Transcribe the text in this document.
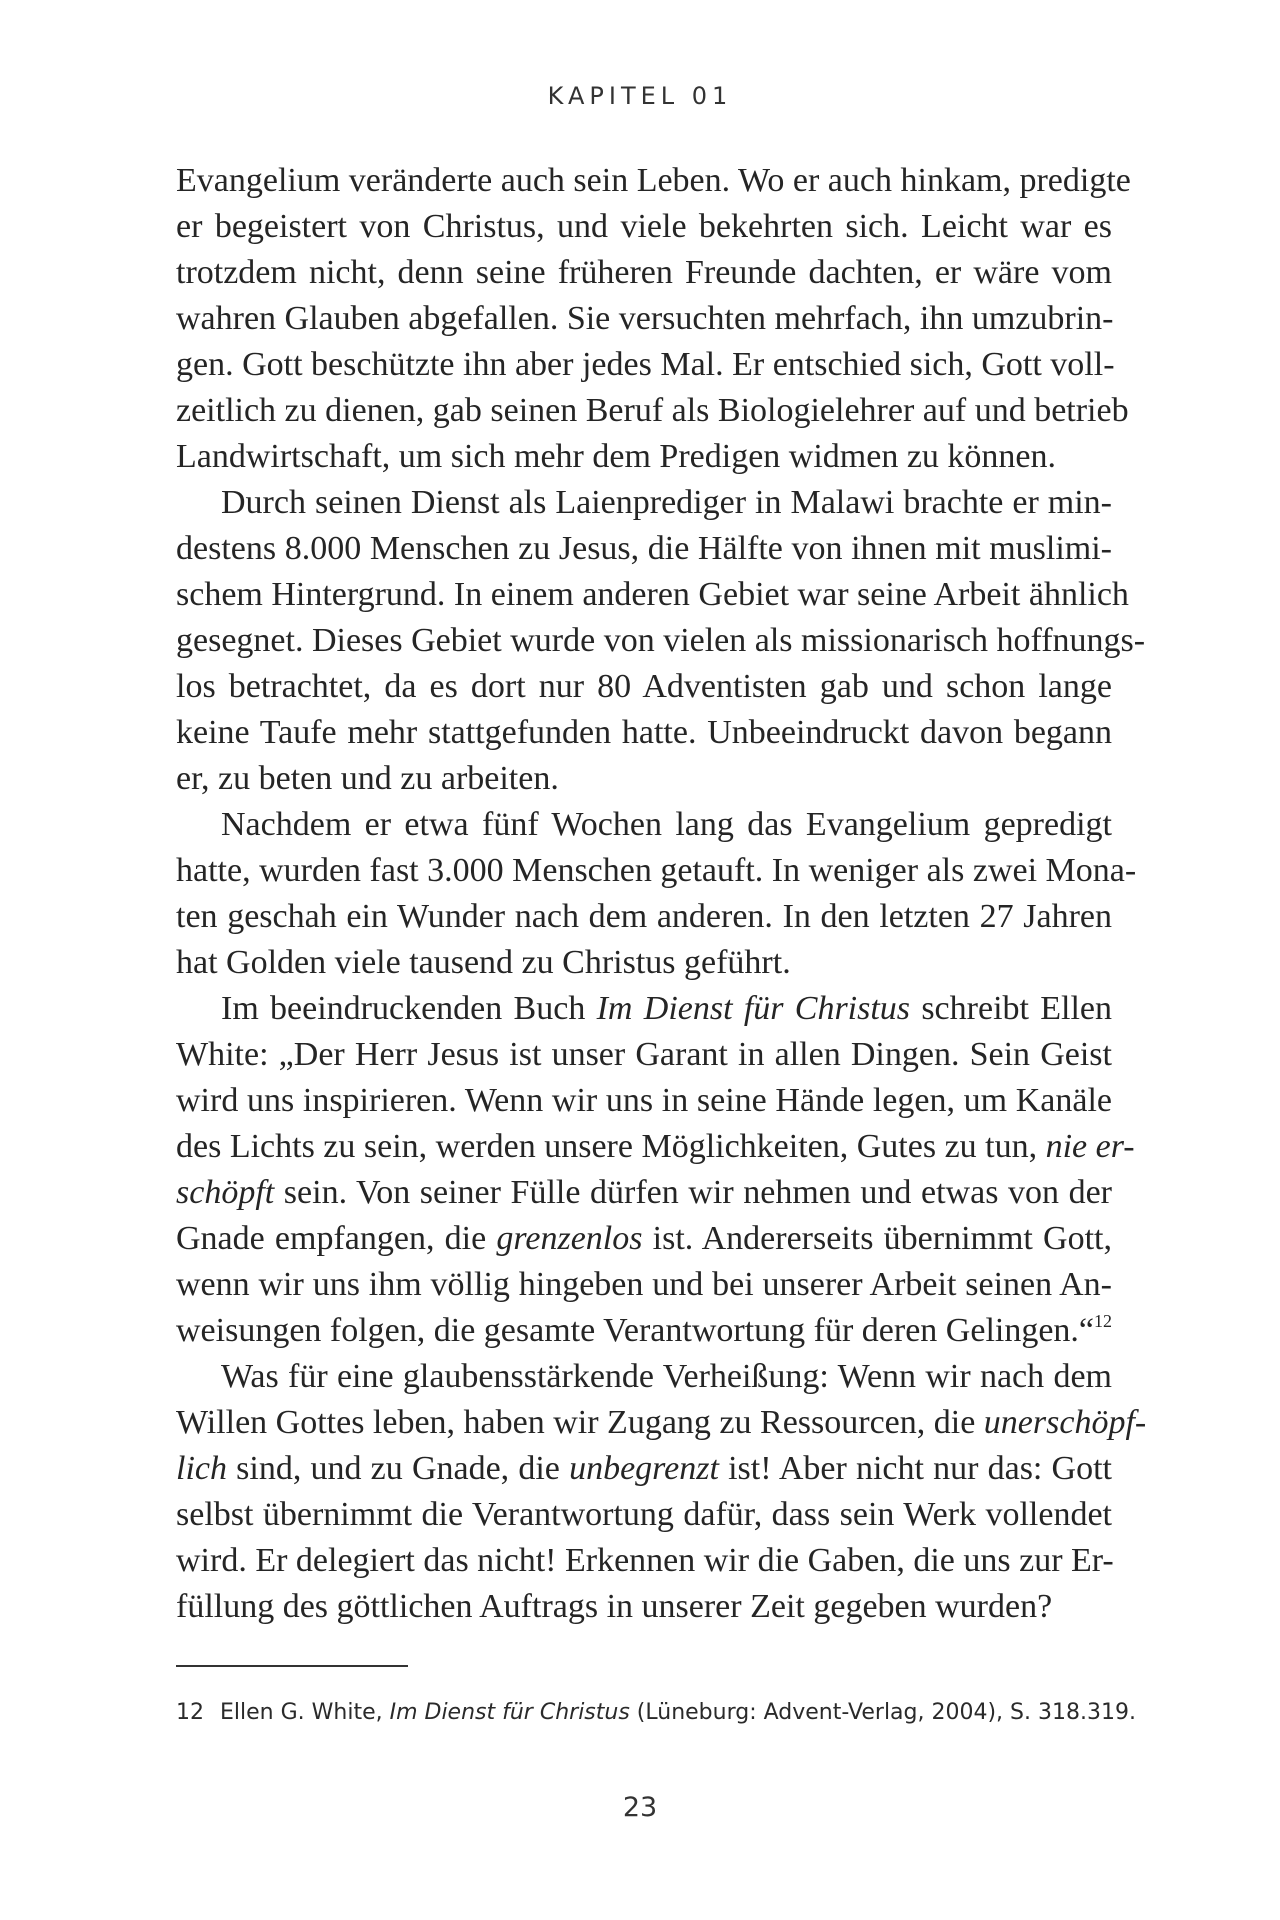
KAPITEL 01
Evangelium veränderte auch sein Leben. Wo er auch hinkam, predigte
er begeistert von Christus, und viele bekehrten sich. Leicht war es
trotzdem nicht, denn seine früheren Freunde dachten, er wäre vom
wahren Glauben abgefallen. Sie versuchten mehrfach, ihn umzubrin-
gen. Gott beschützte ihn aber jedes Mal. Er entschied sich, Gott voll-
zeitlich zu dienen, gab seinen Beruf als Biologielehrer auf und betrieb
Landwirtschaft, um sich mehr dem Predigen widmen zu können.
Durch seinen Dienst als Laienprediger in Malawi brachte er min-
destens 8.000 Menschen zu Jesus, die Hälfte von ihnen mit muslimi-
schem Hintergrund. In einem anderen Gebiet war seine Arbeit ähnlich
gesegnet. Dieses Gebiet wurde von vielen als missionarisch hoffnungs-
los betrachtet, da es dort nur 80 Adventisten gab und schon lange
keine Taufe mehr stattgefunden hatte. Unbeeindruckt davon begann
er, zu beten und zu arbeiten.
Nachdem er etwa fünf Wochen lang das Evangelium gepredigt
hatte, wurden fast 3.000 Menschen getauft. In weniger als zwei Mona-
ten geschah ein Wunder nach dem anderen. In den letzten 27 Jahren
hat Golden viele tausend zu Christus geführt.
Im beeindruckenden Buch Im Dienst für Christus schreibt Ellen
White: „Der Herr Jesus ist unser Garant in allen Dingen. Sein Geist
wird uns inspirieren. Wenn wir uns in seine Hände legen, um Kanäle
des Lichts zu sein, werden unsere Möglichkeiten, Gutes zu tun, nie er-
schöpft sein. Von seiner Fülle dürfen wir nehmen und etwas von der
Gnade empfangen, die grenzenlos ist. Andererseits übernimmt Gott,
wenn wir uns ihm völlig hingeben und bei unserer Arbeit seinen An-
weisungen folgen, die gesamte Verantwortung für deren Gelingen.“$^{12}$
Was für eine glaubensstärkende Verheißung: Wenn wir nach dem
Willen Gottes leben, haben wir Zugang zu Ressourcen, die unerschöpf-
lich sind, und zu Gnade, die unbegrenzt ist! Aber nicht nur das: Gott
selbst übernimmt die Verantwortung dafür, dass sein Werk vollendet
wird. Er delegiert das nicht! Erkennen wir die Gaben, die uns zur Er-
füllung des göttlichen Auftrags in unserer Zeit gegeben wurden?
12 Ellen G. White, Im Dienst für Christus (Lüneburg: Advent-Verlag, 2004), S. 318.319.
23
